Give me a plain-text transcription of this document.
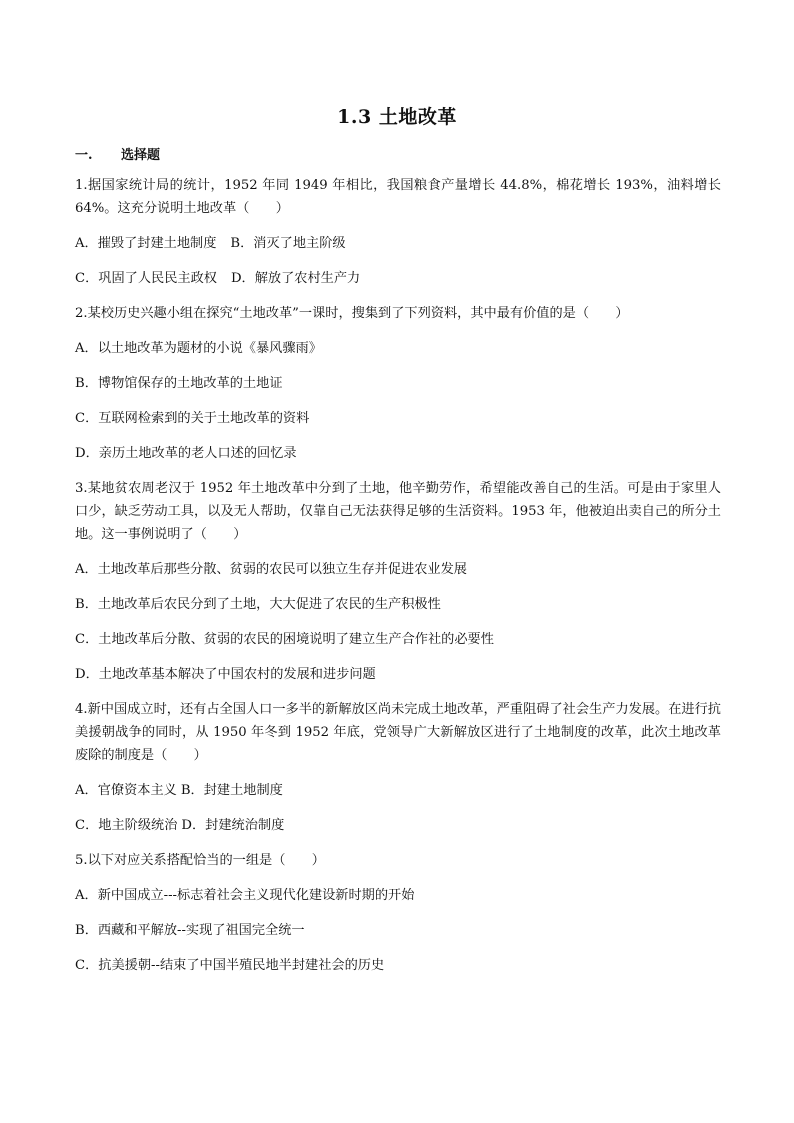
1.3 土地改革
一. 选择题

1.据国家统计局的统计，1952 年同 1949 年相比，我国粮食产量增长 44.8%，棉花增长 193%，油料增长 64%。这充分说明土地改革（　　）

A．摧毁了封建土地制度 B．消灭了地主阶级

C．巩固了人民民主政权 D．解放了农村生产力

2.某校历史兴趣小组在探究“土地改革”一课时，搜集到了下列资料，其中最有价值的是（　　）

A．以土地改革为题材的小说《暴风骤雨》

B．博物馆保存的土地改革的土地证

C．互联网检索到的关于土地改革的资料

D．亲历土地改革的老人口述的回忆录

3.某地贫农周老汉于 1952 年土地改革中分到了土地，他辛勤劳作，希望能改善自己的生活。可是由于家里人口少，缺乏劳动工具，以及无人帮助，仅靠自己无法获得足够的生活资料。1953 年，他被迫出卖自己的所分土地。这一事例说明了（　　）

A．土地改革后那些分散、贫弱的农民可以独立生存并促进农业发展

B．土地改革后农民分到了土地，大大促进了农民的生产积极性

C．土地改革后分散、贫弱的农民的困境说明了建立生产合作社的必要性

D．土地改革基本解决了中国农村的发展和进步问题

4.新中国成立时，还有占全国人口一多半的新解放区尚未完成土地改革，严重阻碍了社会生产力发展。在进行抗美援朝战争的同时，从 1950 年冬到 1952 年底，党领导广大新解放区进行了土地制度的改革，此次土地改革废除的制度是（　　）

A．官僚资本主义 B．封建土地制度

C．地主阶级统治 D．封建统治制度

5.以下对应关系搭配恰当的一组是（　　）

A．新中国成立---标志着社会主义现代化建设新时期的开始

B．西藏和平解放--实现了祖国完全统一

C．抗美援朝--结束了中国半殖民地半封建社会的历史
